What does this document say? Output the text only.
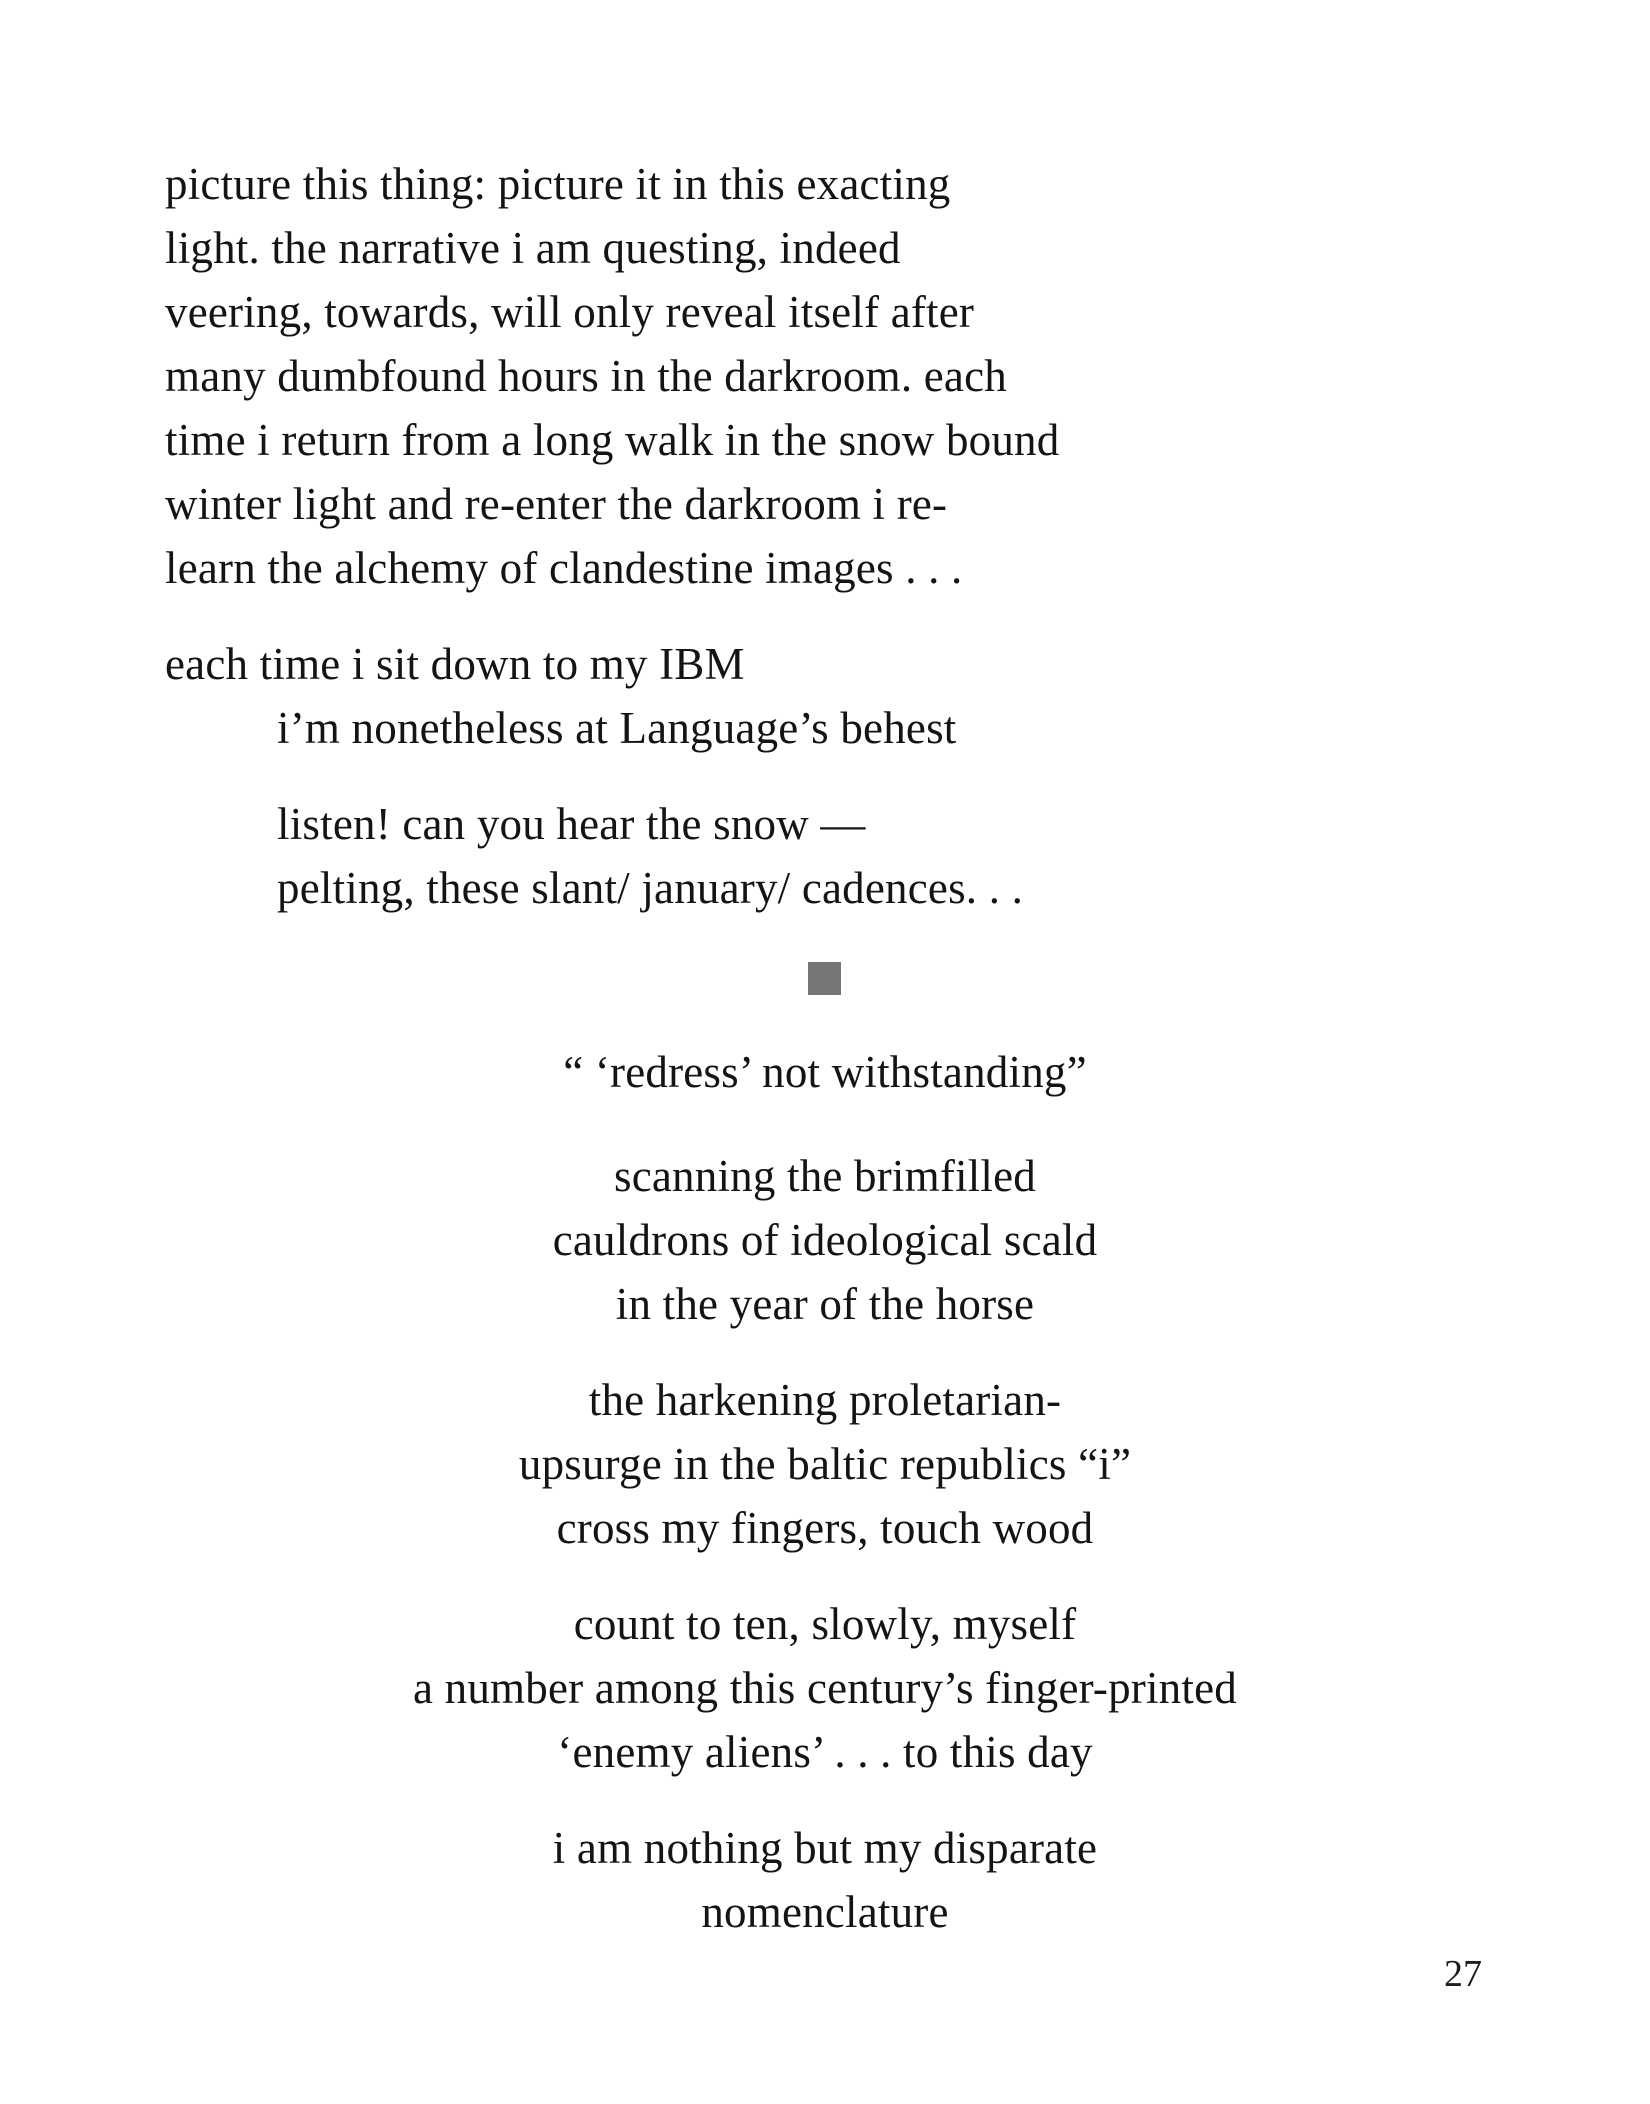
picture this thing: picture it in this exacting
light. the narrative i am questing, indeed
veering, towards, will only reveal itself after
many dumbfound hours in the darkroom. each
time i return from a long walk in the snow bound
winter light and re-enter the darkroom i re-
learn the alchemy of clandestine images . . .
each time i sit down to my IBM
i’m nonetheless at Language’s behest
listen! can you hear the snow —
pelting, these slant/ january/ cadences. . .
“ ‘redress’ not withstanding”
scanning the brimfilled
cauldrons of ideological scald
in the year of the horse
the harkening proletarian-
upsurge in the baltic republics “i”
cross my fingers, touch wood
count to ten, slowly, myself
a number among this century’s finger-printed
‘enemy aliens’ . . . to this day
i am nothing but my disparate
nomenclature
27
